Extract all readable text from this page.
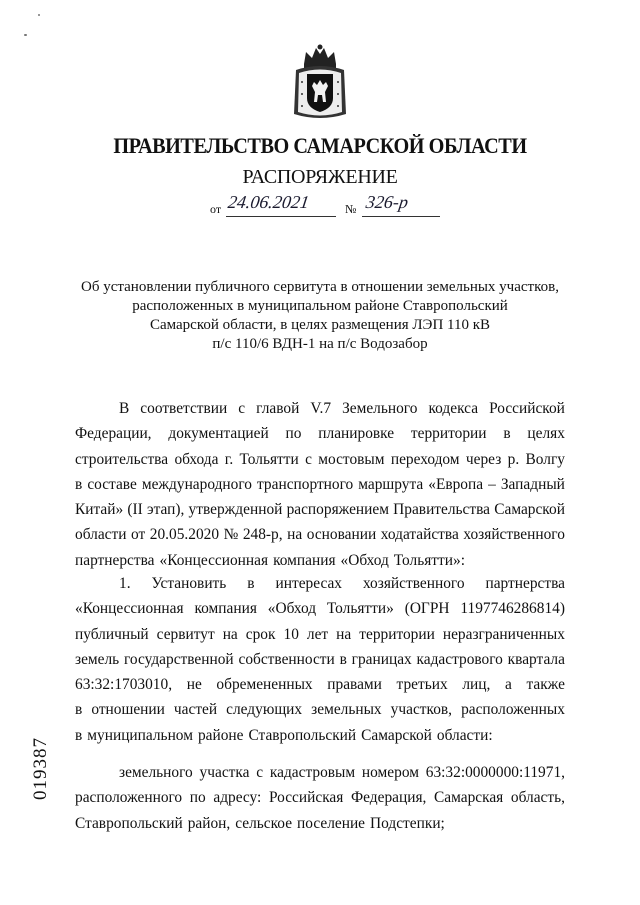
ПРАВИТЕЛЬСТВО САМАРСКОЙ ОБЛАСТИ
РАСПОРЯЖЕНИЕ
от 24.06.2021	№ 326-р
Об установлении публичного сервитута в отношении земельных участков,
расположенных в муниципальном районе Ставропольский
Самарской области, в целях размещения ЛЭП 110 кВ
п/с 110/6 ВДН-1 на п/с Водозабор
В соответствии с главой V.7 Земельного кодекса Российской
Федерации, документацией по планировке территории в целях
строительства обхода г. Тольятти с мостовым переходом через р. Волгу
в составе международного транспортного маршрута «Европа – Западный
Китай» (II этап), утвержденной распоряжением Правительства Самарской
области от 20.05.2020 № 248-р, на основании ходатайства хозяйственного
партнерства «Концессионная компания «Обход Тольятти»:
1. Установить в интересах хозяйственного партнерства
«Концессионная компания «Обход Тольятти» (ОГРН 1197746286814)
публичный сервитут на срок 10 лет на территории неразграниченных
земель государственной собственности в границах кадастрового квартала
63:32:1703010, не обремененных правами третьих лиц, а также
в отношении частей следующих земельных участков, расположенных
в муниципальном районе Ставропольский Самарской области:
земельного участка с кадастровым номером 63:32:0000000:11971,
расположенного по адресу: Российская Федерация, Самарская область,
Ставропольский район, сельское поселение Подстепки;
019387
